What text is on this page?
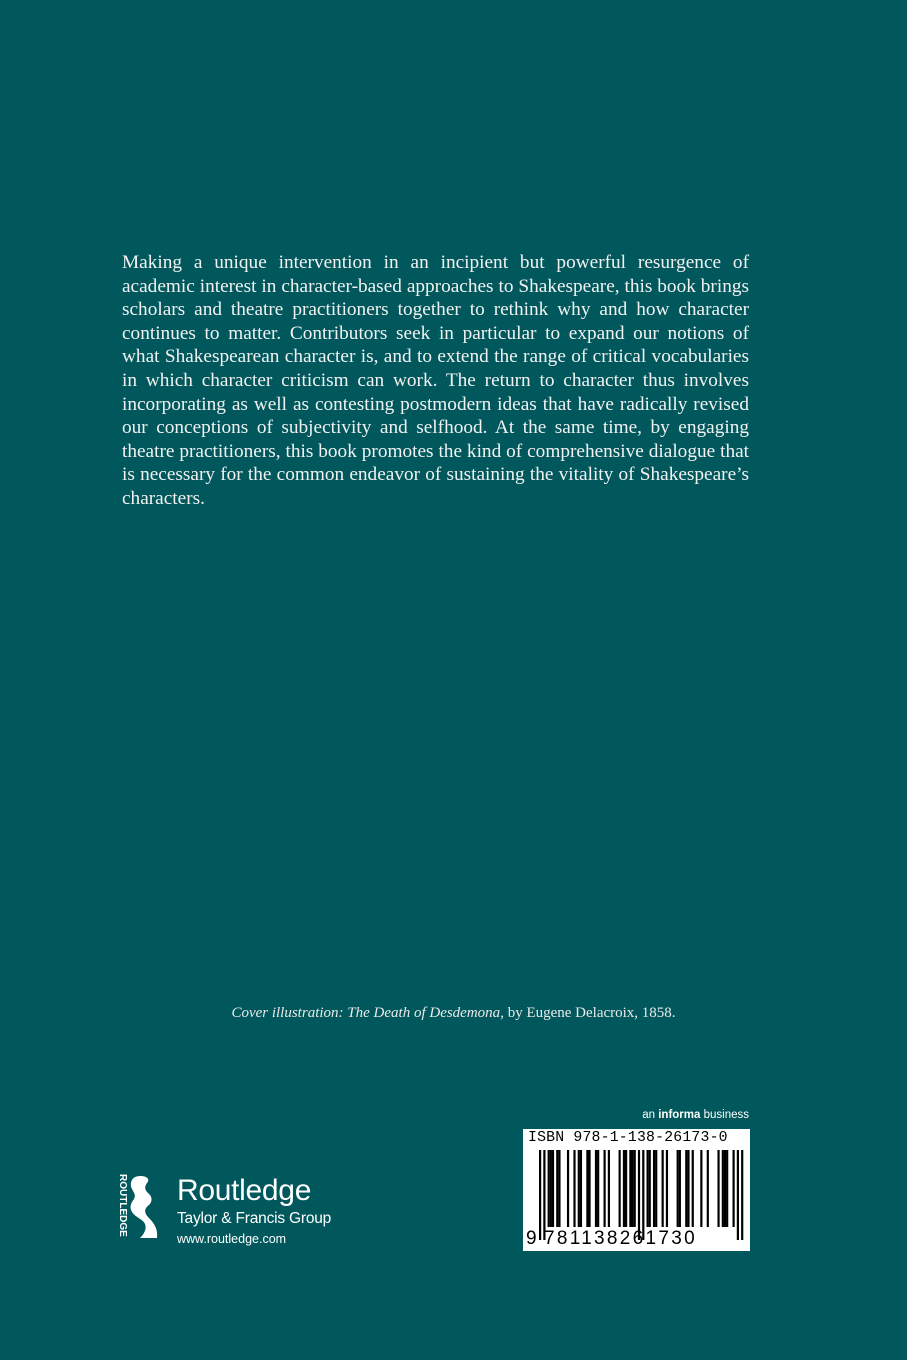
Making a unique intervention in an incipient but powerful resurgence of academic interest in character-based approaches to Shakespeare, this book brings scholars and theatre practitioners together to rethink why and how character continues to matter. Contributors seek in particular to expand our notions of what Shakespearean character is, and to extend the range of critical vocabularies in which character criticism can work. The return to character thus involves incorporating as well as contesting postmodern ideas that have radically revised our conceptions of subjectivity and selfhood. At the same time, by engaging theatre practitioners, this book promotes the kind of comprehensive dialogue that is necessary for the common endeavor of sustaining the vitality of Shakespeare’s characters.

Cover illustration: The Death of Desdemona, by Eugene Delacroix, 1858.

an informa business
ISBN 978-1-138-26173-0
9 781138261730
ROUTLEDGE Routledge
Taylor & Francis Group
www.routledge.com
